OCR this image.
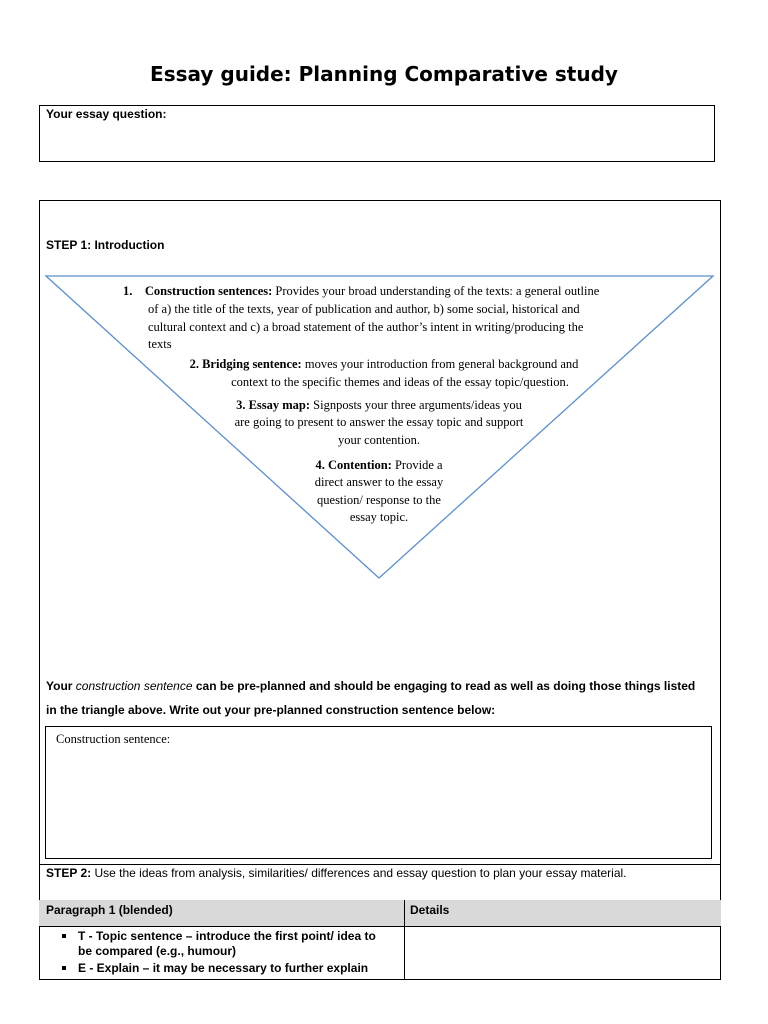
Essay guide: Planning Comparative study
Your essay question:
STEP 1: Introduction
1. Construction sentences: Provides your broad understanding of the texts: a general outline
of a) the title of the texts, year of publication and author, b) some social, historical and
cultural context and c) a broad statement of the author’s intent in writing/producing the
texts
2. Bridging sentence: moves your introduction from general background and
context to the specific themes and ideas of the essay topic/question.
3. Essay map: Signposts your three arguments/ideas you
are going to present to answer the essay topic and support
your contention.
4. Contention: Provide a
direct answer to the essay
question/ response to the
essay topic.
Your construction sentence can be pre-planned and should be engaging to read as well as doing those things listed
in the triangle above. Write out your pre-planned construction sentence below:
Construction sentence:
STEP 2: Use the ideas from analysis, similarities/ differences and essay question to plan your essay material.
Paragraph 1 (blended)	Details
T - Topic sentence – introduce the first point/ idea to be compared (e.g., humour)
E - Explain – it may be necessary to further explain
